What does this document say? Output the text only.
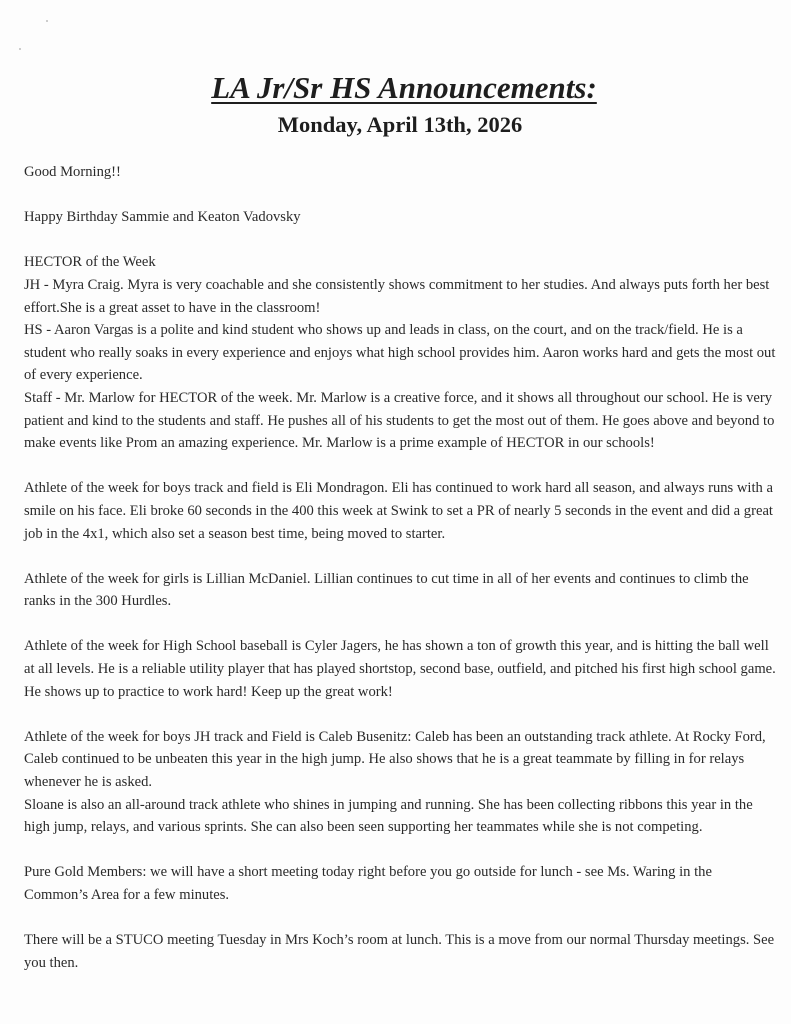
LA Jr/Sr HS Announcements:
Monday, April 13th, 2026

Good Morning!!

Happy Birthday Sammie and Keaton Vadovsky

HECTOR of the Week

JH - Myra Craig. Myra is very coachable and she consistently shows commitment to her studies. And always puts forth her best effort.She is a great asset to have in the classroom!

HS - Aaron Vargas is a polite and kind student who shows up and leads in class, on the court, and on the track/field. He is a student who really soaks in every experience and enjoys what high school provides him. Aaron works hard and gets the most out of every experience.

Staff - Mr. Marlow for HECTOR of the week. Mr. Marlow is a creative force, and it shows all throughout our school. He is very patient and kind to the students and staff. He pushes all of his students to get the most out of them. He goes above and beyond to make events like Prom an amazing experience. Mr. Marlow is a prime example of HECTOR in our schools!

Athlete of the week for boys track and field is Eli Mondragon. Eli has continued to work hard all season, and always runs with a smile on his face. Eli broke 60 seconds in the 400 this week at Swink to set a PR of nearly 5 seconds in the event and did a great job in the 4x1, which also set a season best time, being moved to starter.

Athlete of the week for girls is Lillian McDaniel. Lillian continues to cut time in all of her events and continues to climb the ranks in the 300 Hurdles.

Athlete of the week for High School baseball is Cyler Jagers, he has shown a ton of growth this year, and is hitting the ball well at all levels. He is a reliable utility player that has played shortstop, second base, outfield, and pitched his first high school game. He shows up to practice to work hard! Keep up the great work!

Athlete of the week for boys JH track and Field is Caleb Busenitz: Caleb has been an outstanding track athlete. At Rocky Ford, Caleb continued to be unbeaten this year in the high jump. He also shows that he is a great teammate by filling in for relays whenever he is asked.

Sloane is also an all-around track athlete who shines in jumping and running. She has been collecting ribbons this year in the high jump, relays, and various sprints. She can also been seen supporting her teammates while she is not competing.

Pure Gold Members: we will have a short meeting today right before you go outside for lunch - see Ms. Waring in the Common’s Area for a few minutes.

There will be a STUCO meeting Tuesday in Mrs Koch’s room at lunch. This is a move from our normal Thursday meetings. See you then.
